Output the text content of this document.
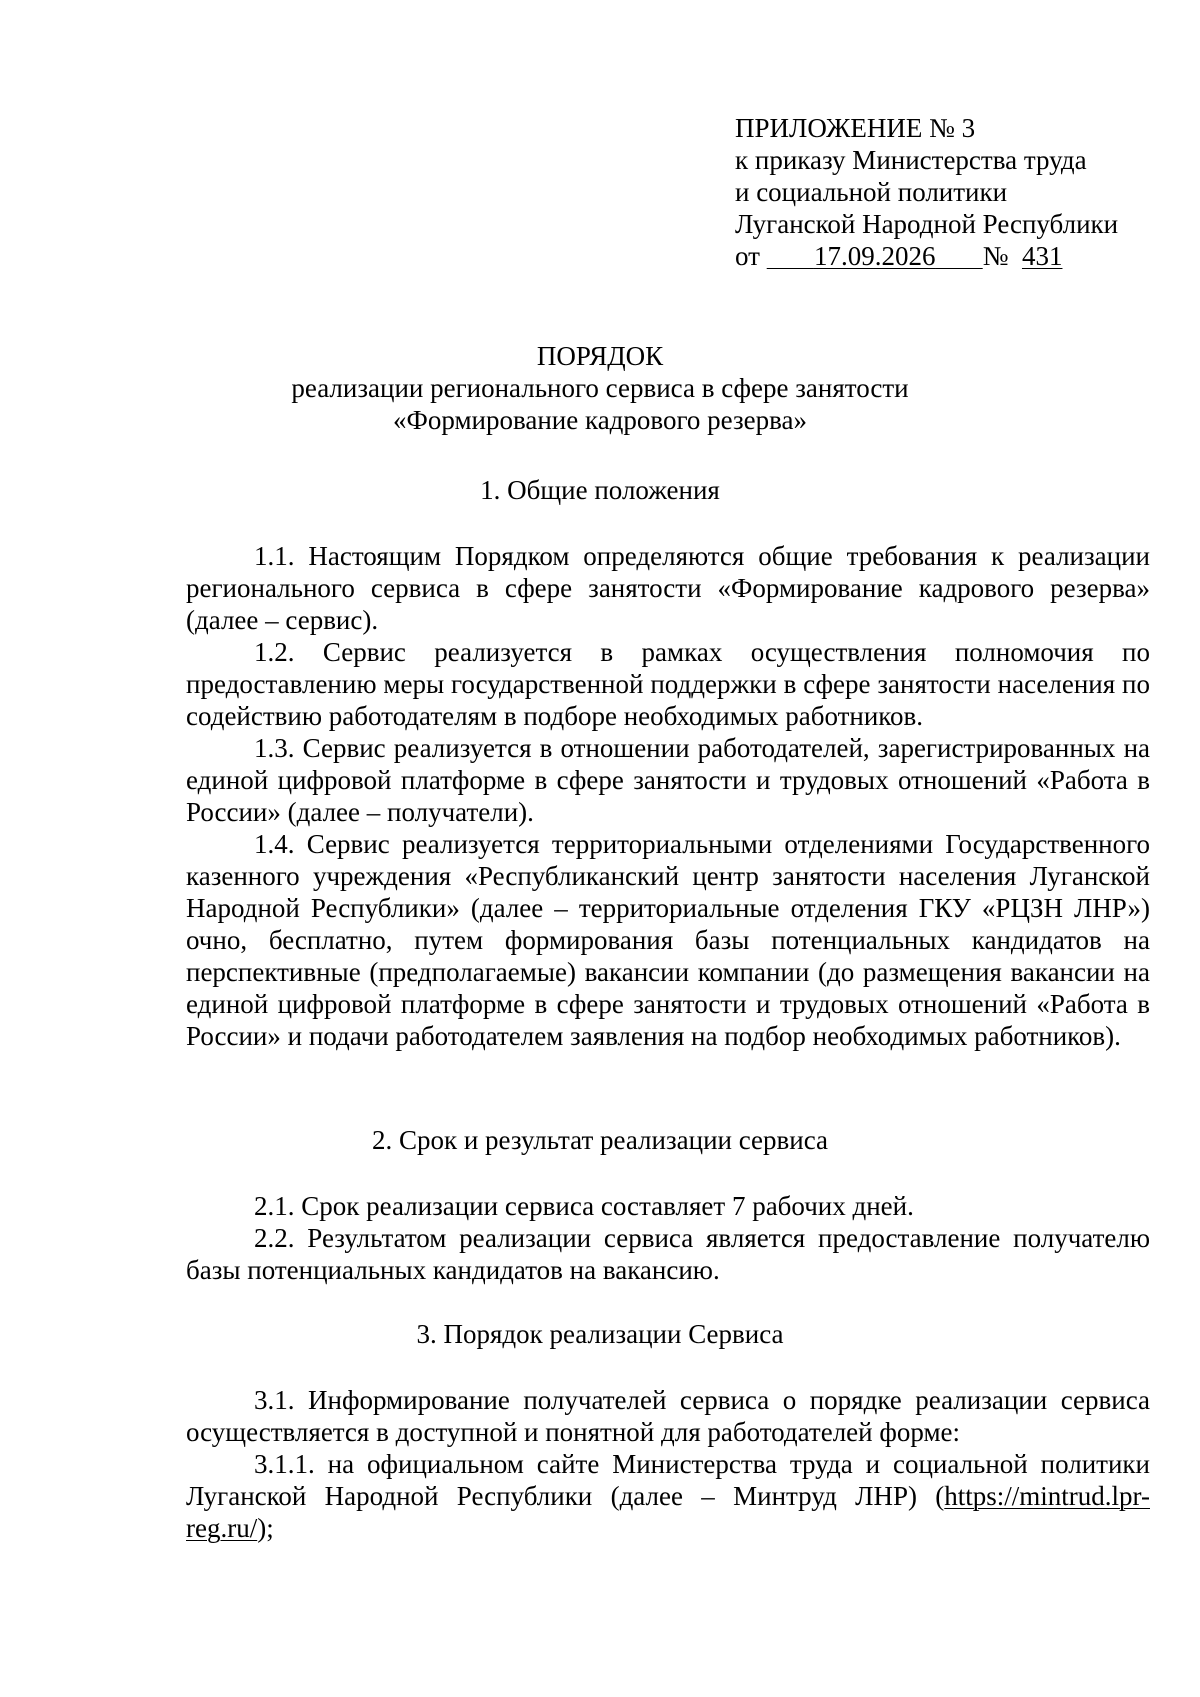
ПРИЛОЖЕНИЕ № 3
к приказу Министерства труда
и социальной политики
Луганской Народной Республики
от 17.09.2026 № 431
ПОРЯДОК
реализации регионального сервиса в сфере занятости
«Формирование кадрового резерва»
1. Общие положения

1.1. Настоящим Порядком определяются общие требования к реализации регионального сервиса в сфере занятости «Формирование кадрового резерва» (далее – сервис).

1.2. Сервис реализуется в рамках осуществления полномочия по предоставлению меры государственной поддержки в сфере занятости населения по содействию работодателям в подборе необходимых работников.

1.3. Сервис реализуется в отношении работодателей, зарегистрированных на единой цифровой платформе в сфере занятости и трудовых отношений «Работа в России» (далее – получатели).

1.4. Сервис реализуется территориальными отделениями Государственного казенного учреждения «Республиканский центр занятости населения Луганской Народной Республики» (далее – территориальные отделения ГКУ «РЦЗН ЛНР») очно, бесплатно, путем формирования базы потенциальных кандидатов на перспективные (предполагаемые) вакансии компании (до размещения вакансии на единой цифровой платформе в сфере занятости и трудовых отношений «Работа в России» и подачи работодателем заявления на подбор необходимых работников).

2. Срок и результат реализации сервиса

2.1. Срок реализации сервиса составляет 7 рабочих дней.

2.2. Результатом реализации сервиса является предоставление получателю базы потенциальных кандидатов на вакансию.

3. Порядок реализации Сервиса

3.1. Информирование получателей сервиса о порядке реализации сервиса осуществляется в доступной и понятной для работодателей форме:

3.1.1. на официальном сайте Министерства труда и социальной политики Луганской Народной Республики (далее – Минтруд ЛНР) (https://mintrud.lpr-reg.ru/);
